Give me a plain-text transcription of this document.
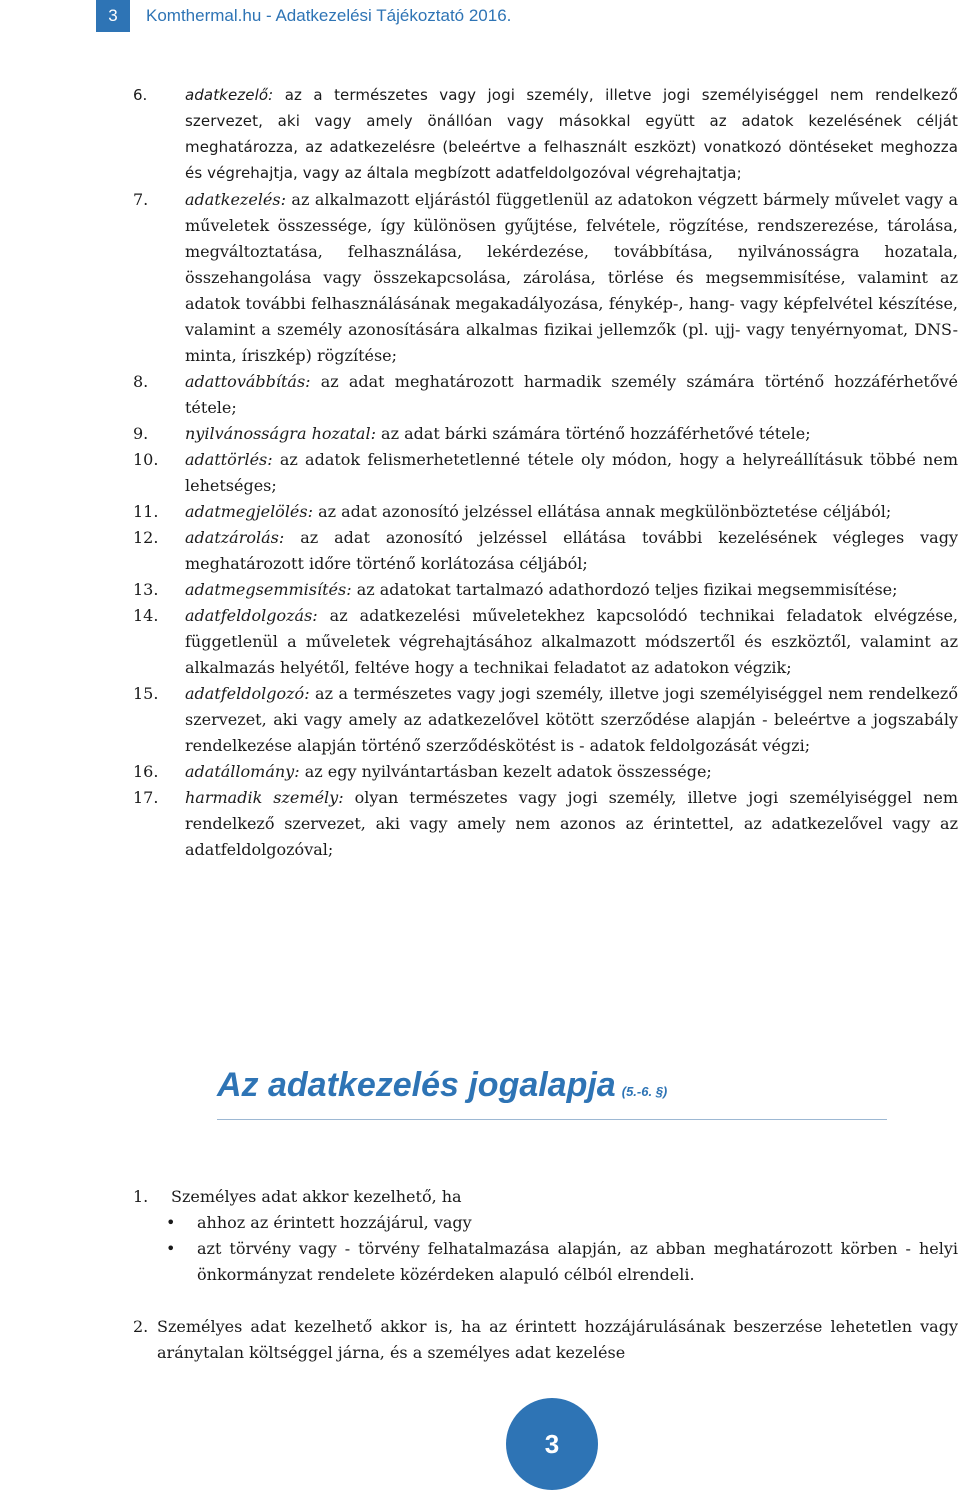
3	Komthermal.hu - Adatkezelési Tájékoztató 2016.
6.	adatkezelő: az a természetes vagy jogi személy, illetve jogi személyiséggel nem rendelkező szervezet, aki vagy amely önállóan vagy másokkal együtt az adatok kezelésének célját meghatározza, az adatkezelésre (beleértve a felhasznált eszközt) vonatkozó döntéseket meghozza és végrehajtja, vagy az általa megbízott adatfeldolgozóval végrehajtatja;
7. adatkezelés: az alkalmazott eljárástól függetlenül az adatokon végzett bármely művelet vagy a műveletek összessége, így különösen gyűjtése, felvétele, rögzítése, rendszerezése, tárolása, megváltoztatása, felhasználása, lekérdezése, továbbítása, nyilvánosságra hozatala, összehangolása vagy összekapcsolása, zárolása, törlése és megsemmisítése, valamint az adatok további felhasználásának megakadályozása, fénykép-, hang- vagy képfelvétel készítése, valamint a személy azonosítására alkalmas fizikai jellemzők (pl. ujj- vagy tenyérnyomat, DNS-minta, íriszkép) rögzítése;
8. adattovábbítás: az adat meghatározott harmadik személy számára történő hozzáférhetővé tétele;
9. nyilvánosságra hozatal: az adat bárki számára történő hozzáférhetővé tétele;
10. adattörlés: az adatok felismerhetetlenné tétele oly módon, hogy a helyreállításuk többé nem lehetséges;
11. adatmegjelölés: az adat azonosító jelzéssel ellátása annak megkülönböztetése céljából;
12. adatzárolás: az adat azonosító jelzéssel ellátása további kezelésének végleges vagy meghatározott időre történő korlátozása céljából;
13. adatmegsemmisítés: az adatokat tartalmazó adathordozó teljes fizikai megsemmisítése;
14. adatfeldolgozás: az adatkezelési műveletekhez kapcsolódó technikai feladatok elvégzése, függetlenül a műveletek végrehajtásához alkalmazott módszertől és eszköztől, valamint az alkalmazás helyétől, feltéve hogy a technikai feladatot az adatokon végzik;
15. adatfeldolgozó: az a természetes vagy jogi személy, illetve jogi személyiséggel nem rendelkező szervezet, aki vagy amely az adatkezelővel kötött szerződése alapján - beleértve a jogszabály rendelkezése alapján történő szerződéskötést is - adatok feldolgozását végzi;
16. adatállomány: az egy nyilvántartásban kezelt adatok összessége;
17. harmadik személy: olyan természetes vagy jogi személy, illetve jogi személyiséggel nem rendelkező szervezet, aki vagy amely nem azonos az érintettel, az adatkezelővel vagy az adatfeldolgozóval;
Az adatkezelés jogalapja (5.-6. §)
1. Személyes adat akkor kezelhető, ha
• ahhoz az érintett hozzájárul, vagy
• azt törvény vagy - törvény felhatalmazása alapján, az abban meghatározott körben - helyi önkormányzat rendelete közérdeken alapuló célból elrendeli.
2. Személyes adat kezelhető akkor is, ha az érintett hozzájárulásának beszerzése lehetetlen vagy aránytalan költséggel járna, és a személyes adat kezelése
3
